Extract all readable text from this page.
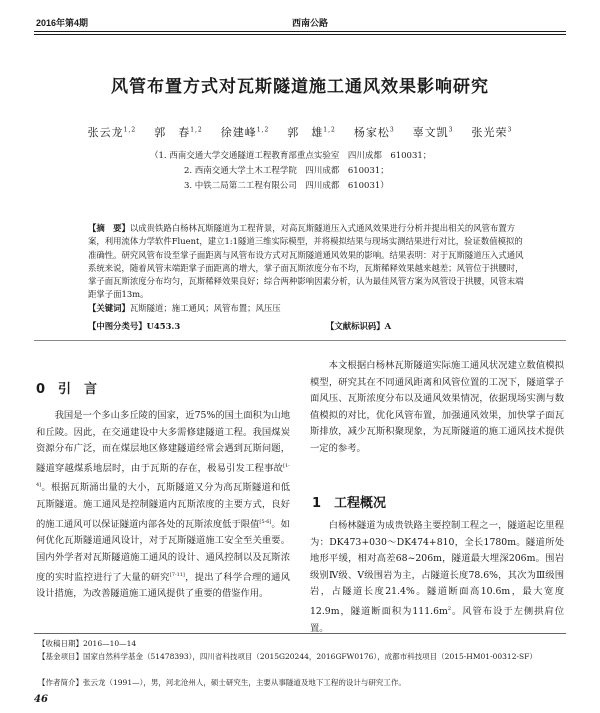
2016年第4期	西南公路
风管布置方式对瓦斯隧道施工通风效果影响研究
张云龙$^{1,2}$ 郭　春$^{1,2}$ 徐建峰$^{1,2}$ 郭　雄$^{1,2}$ 杨家松$^3$ 辜文凯$^3$ 张光荣$^3$
（1. 西南交通大学交通隧道工程教育部重点实验室　四川成都　610031；
2. 西南交通大学土木工程学院　四川成都　610031；
3. 中铁二局第二工程有限公司　四川成都　610031）
【摘　要】以成贵铁路白杨林瓦斯隧道为工程背景，对高瓦斯隧道压入式通风效果进行分析并提出相关的风管布置方案，利用流体力学软件Fluent，建立1:1隧道三维实际模型，并将模拟结果与现场实测结果进行对比，验证数值模拟的准确性。研究风管布设至掌子面距离与风管布设方式对瓦斯隧道通风效果的影响。结果表明：对于瓦斯隧道压入式通风系统来说，随着风管末端距掌子面距离的增大，掌子面瓦斯浓度分布不均，瓦斯稀释效果越来越差；风管位于拱腰时，掌子面瓦斯浓度分布均匀，瓦斯稀释效果良好；综合两种影响因素分析，认为最佳风管方案为风管设于拱腰，风管末端距掌子面13m。
【关键词】瓦斯隧道；施工通风；风管布置；风压压
【中图分类号】U453.3	【文献标识码】A
0　引　言

我国是一个多山多丘陵的国家，近75%的国土面积为山地和丘陵。因此，在交通建设中大多需修建隧道工程。我国煤炭资源分布广泛，而在煤层地区修建隧道经常会遇到瓦斯问题，隧道穿越煤系地层时，由于瓦斯的存在，极易引发工程事故[1-4]。根据瓦斯涌出量的大小，瓦斯隧道又分为高瓦斯隧道和低瓦斯隧道。施工通风是控制隧道内瓦斯浓度的主要方式，良好的施工通风可以保证隧道内部各处的瓦斯浓度低于限值[5-6]。如何优化瓦斯隧道通风设计，对于瓦斯隧道施工安全至关重要。国内外学者对瓦斯隧道施工通风的设计、通风控制以及瓦斯浓度的实时监控进行了大量的研究[7-11]，提出了科学合理的通风设计措施，为改善隧道施工通风提供了重要的借鉴作用。

本文根据白杨林瓦斯隧道实际施工通风状况建立数值模拟模型，研究其在不同通风距离和风管位置的工况下，隧道掌子面风压、瓦斯浓度分布以及通风效果情况，依据现场实测与数值模拟的对比，优化风管布置，加强通风效果，加快掌子面瓦斯排放，减少瓦斯积聚现象，为瓦斯隧道的施工通风技术提供一定的参考。

1　工程概况

白杨林隧道为成贵铁路主要控制工程之一，隧道起讫里程为：DK473+030～DK474+810，全长1780m。隧道所处地形平缓，相对高差68~206m，隧道最大埋深206m。围岩级别Ⅳ级、Ⅴ级围岩为主，占隧道长度78.6%，其次为Ⅲ级围岩，占隧道长度21.4%。隧道断面高10.6m，最大宽度12.9m，隧道断面积为$111.6m^2$。风管布设于左侧拱肩位置。

【收稿日期】2016—10—14
【基金项目】国家自然科学基金（51478393），四川省科技项目（2015G20244，2016GFW0176），成都市科技项目（2015-HM01-00312-SF）
【作者简介】张云龙（1991—），男，河北沧州人，硕士研究生，主要从事隧道及地下工程的设计与研究工作。
46
